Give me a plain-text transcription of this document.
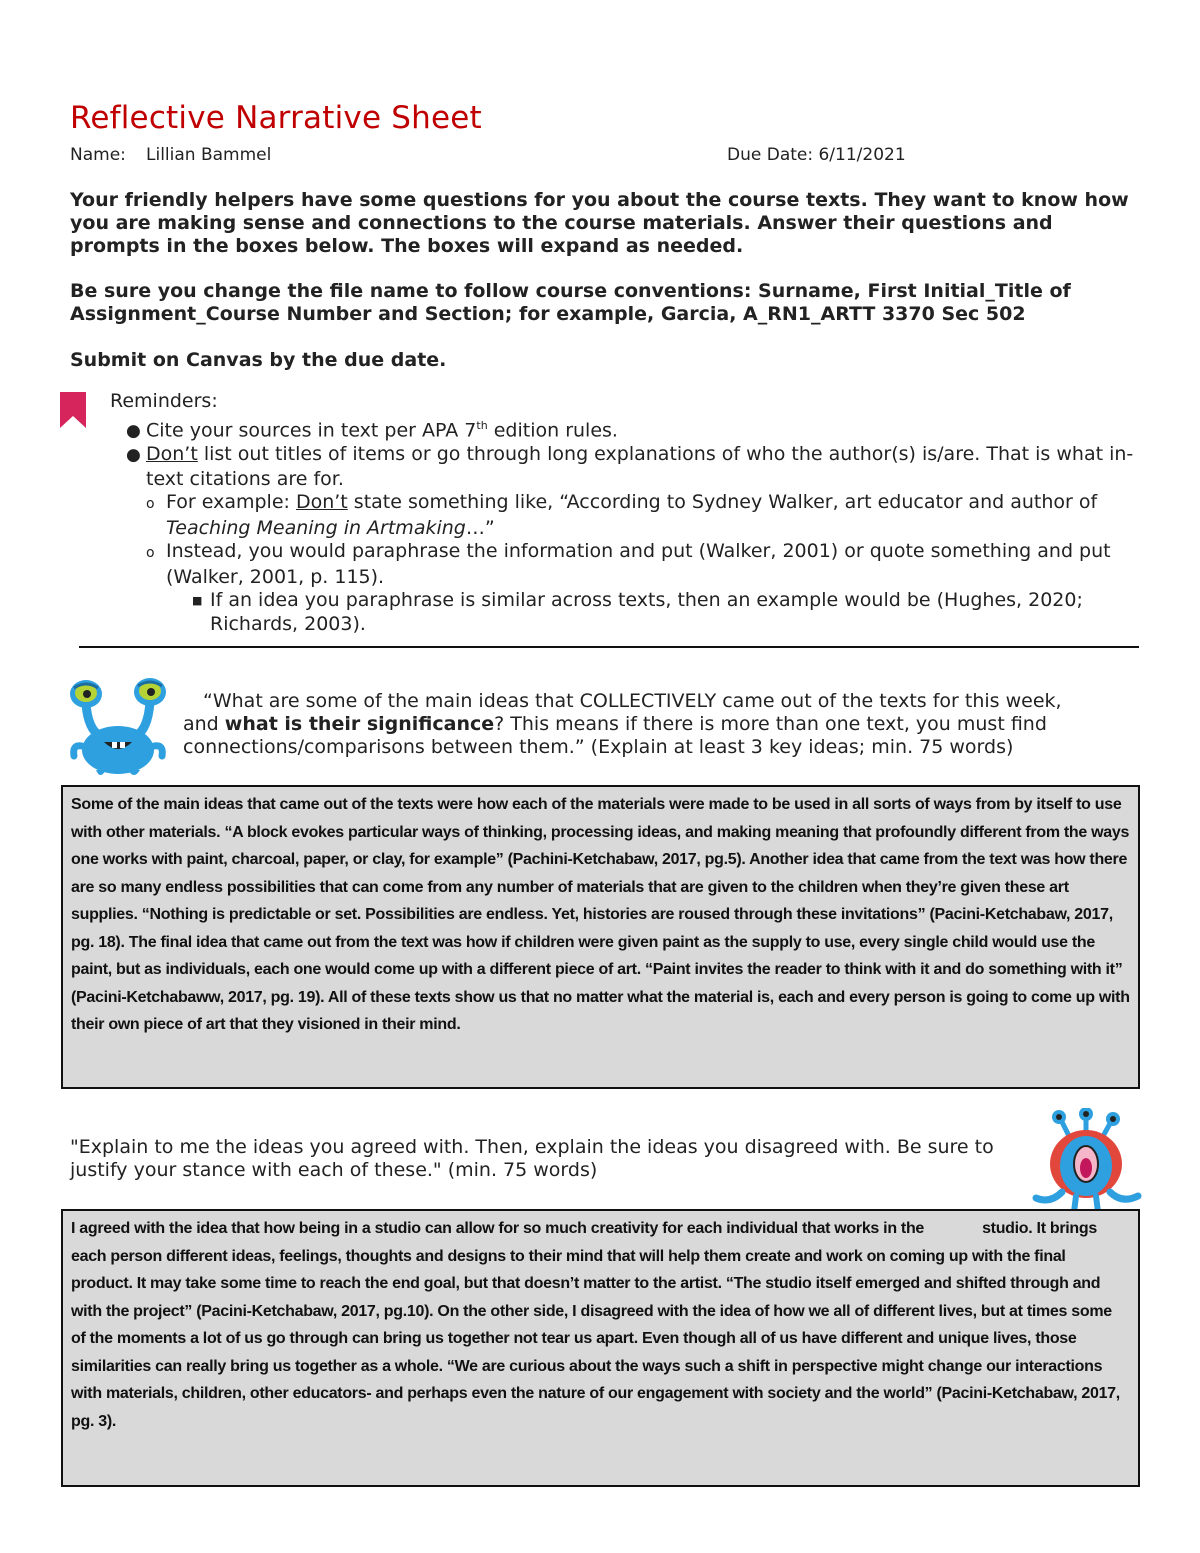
Reflective Narrative Sheet
Name: Lillian Bammel	Due Date: 6/11/2021

Your friendly helpers have some questions for you about the course texts. They want to know how you are making sense and connections to the course materials. Answer their questions and prompts in the boxes below. The boxes will expand as needed.

Be sure you change the file name to follow course conventions: Surname, First Initial_Title of Assignment_Course Number and Section; for example, Garcia, A_RN1_ARTT 3370 Sec 502

Submit on Canvas by the due date.

Reminders:
● Cite your sources in text per APA 7th edition rules.
● Don’t list out titles of items or go through long explanations of who the author(s) is/are. That is what in-text citations are for.
o For example: Don’t state something like, “According to Sydney Walker, art educator and author of Teaching Meaning in Artmaking…”
o Instead, you would paraphrase the information and put (Walker, 2001) or quote something and put (Walker, 2001, p. 115).
■ If an idea you paraphrase is similar across texts, then an example would be (Hughes, 2020; Richards, 2003).
“What are some of the main ideas that COLLECTIVELY came out of the texts for this week, and what is their significance? This means if there is more than one text, you must find connections/comparisons between them.” (Explain at least 3 key ideas; min. 75 words)
Some of the main ideas that came out of the texts were how each of the materials were made to be used in all sorts of ways from by itself to use with other materials. “A block evokes particular ways of thinking, processing ideas, and making meaning that profoundly different from the ways one works with paint, charcoal, paper, or clay, for example” (Pachini-Ketchabaw, 2017, pg.5). Another idea that came from the text was how there are so many endless possibilities that can come from any number of materials that are given to the children when they’re given these art supplies. “Nothing is predictable or set. Possibilities are endless. Yet, histories are roused through these invitations” (Pacini-Ketchabaw, 2017, pg. 18). The final idea that came out from the text was how if children were given paint as the supply to use, every single child would use the paint, but as individuals, each one would come up with a different piece of art. “Paint invites the reader to think with it and do something with it” (Pacini-Ketchabaww, 2017, pg. 19). All of these texts show us that no matter what the material is, each and every person is going to come up with their own piece of art that they visioned in their mind.
"Explain to me the ideas you agreed with. Then, explain the ideas you disagreed with. Be sure to justify your stance with each of these." (min. 75 words)
I agreed with the idea that how being in a studio can allow for so much creativity for each individual that works in the              studio. It brings each person different ideas, feelings, thoughts and designs to their mind that will help them create and work on coming up with the final product. It may take some time to reach the end goal, but that doesn’t matter to the artist. “The studio itself emerged and shifted through and with the project” (Pacini-Ketchabaw, 2017, pg.10). On the other side, I disagreed with the idea of how we all of different lives, but at times some of the moments a lot of us go through can bring us together not tear us apart. Even though all of us have different and unique lives, those similarities can really bring us together as a whole. “We are curious about the ways such a shift in perspective might change our interactions with materials, children, other educators- and perhaps even the nature of our engagement with society and the world” (Pacini-Ketchabaw, 2017, pg. 3).
